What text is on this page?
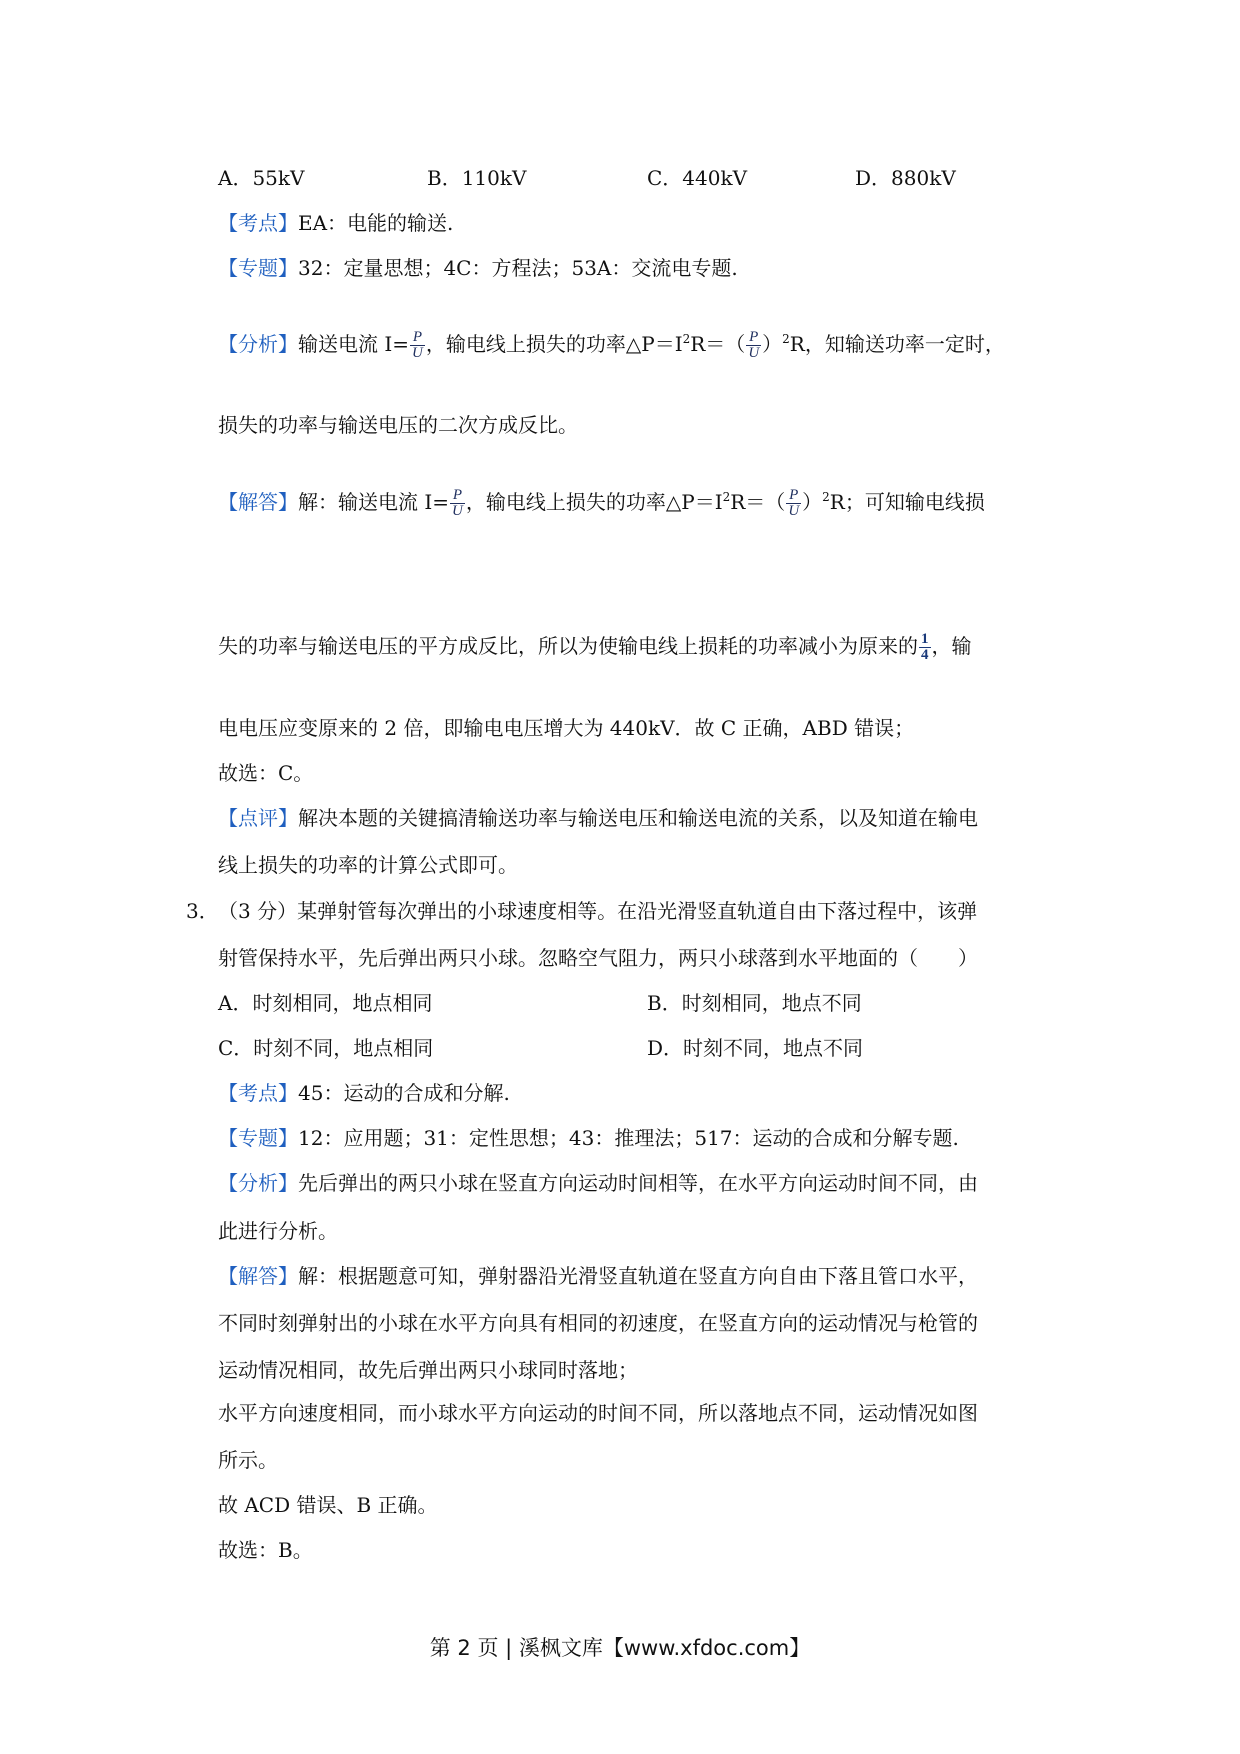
A．55kV	B．110kV	C．440kV	D．880kV
【考点】EA：电能的输送.
【专题】32：定量思想；4C：方程法；53A：交流电专题.
【分析】输送电流 $I= \frac{P}{U}$ ，输电线上损失的功率$\triangle P=I^2R=( \frac{P}{U} )^2R$，知输送功率一定时，
损失的功率与输送电压的二次方成反比。
【解答】解：输送电流 $I= \frac{P}{U}$ ，输电线上损失的功率$\triangle P=I^2R=( \frac{P}{U} )^2R$；可知输电线损
失的功率与输送电压的平方成反比，所以为使输电线上损耗的功率减小为原来的 $\frac{1}{4}$ ，输
电电压应变原来的 2 倍，即输电电压增大为 440kV．故 C 正确，ABD 错误；
故选：C。
【点评】解决本题的关键搞清输送功率与输送电压和输送电流的关系，以及知道在输电
线上损失的功率的计算公式即可。
3． （3 分）某弹射管每次弹出的小球速度相等。在沿光滑竖直轨道自由下落过程中，该弹
射管保持水平，先后弹出两只小球。忽略空气阻力，两只小球落到水平地面的（　　）
A．时刻相同，地点相同	B．时刻相同，地点不同
C．时刻不同，地点相同	D．时刻不同，地点不同
【考点】45：运动的合成和分解.
【专题】12：应用题；31：定性思想；43：推理法；517：运动的合成和分解专题.
【分析】先后弹出的两只小球在竖直方向运动时间相等，在水平方向运动时间不同，由
此进行分析。
【解答】解：根据题意可知，弹射器沿光滑竖直轨道在竖直方向自由下落且管口水平，
不同时刻弹射出的小球在水平方向具有相同的初速度，在竖直方向的运动情况与枪管的
运动情况相同，故先后弹出两只小球同时落地；
水平方向速度相同，而小球水平方向运动的时间不同，所以落地点不同，运动情况如图
所示。
故 ACD 错误、B 正确。
故选：B。
第 2 页 | 溪枫文库【www.xfdoc.com】
